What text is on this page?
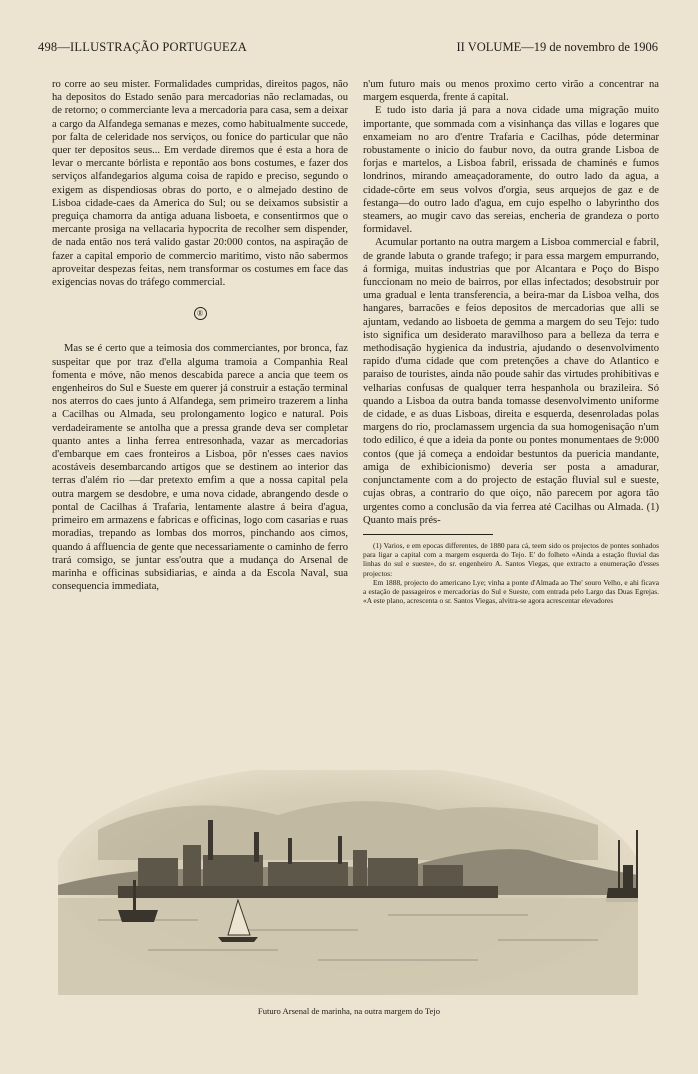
498—ILLUSTRAÇÃO PORTUGUEZA	II VOLUME—19 de novembro de 1906

ro corre ao seu mister. Formalidades cumpridas, direitos pagos, não ha depositos do Estado senão para mercadorias não reclamadas, ou de retorno; o commerciante leva a mercadoria para casa, sem a deixar a cargo da Alfandega semanas e mezes, como habitualmente succede, por falta de celeridade nos serviços, ou fonice do particular que não quer ter depositos seus... Em verdade diremos que é esta a hora de levar o mercante bórlista e repontão aos bons costumes, e fazer dos serviços alfandegarios alguma coisa de rapido e preciso, segundo o exigem as dispendiosas obras do porto, e o almejado destino de Lisboa cidade-caes da America do Sul; ou se deixamos subsistir a preguiça chamorra da antiga aduana lisboeta, e consentirmos que o mercante prosiga na vellacaria hypocrita de recolher sem dispender, de nada então nos terá valido gastar 20:000 contos, na aspiração de fazer a capital emporio de commercio maritimo, visto não sabermos aproveitar despezas feitas, nem transformar os costumes em face das exigencias novas do tráfego commercial.

®

Mas se é certo que a teimosia dos commerciantes, por bronca, faz suspeitar que por traz d'ella alguma tramoia a Companhia Real fomenta e móve, não menos descabida parece a ancia que teem os engenheiros do Sul e Sueste em querer já construir a estação terminal nos aterros do caes junto á Alfandega, sem primeiro trazerem a linha a Cacilhas ou Almada, seu prolongamento logico e natural. Pois verdadeiramente se antolha que a pressa grande deva ser completar quanto antes a linha ferrea entresonhada, vazar as mercadorias d'embarque em caes fronteiros a Lisboa, pôr n'esses caes navios acostáveis desembarcando artigos que se destinem ao interior das terras d'além rio —dar pretexto emfim a que a nossa capital pela outra margem se desdobre, e uma nova cidade, abrangendo desde o pontal de Cacilhas á Trafaria, lentamente alastre á beira d'agua, primeiro em armazens e fabricas e officinas, logo com casarias e ruas moradias, trepando as lombas dos morros, pinchando aos cimos, quando á affluencia de gente que necessariamente o caminho de ferro trará comsigo, se juntar ess'outra que a mudança do Arsenal de marinha e officinas subsidiarias, e ainda a da Escola Naval, sua consequencia immediata,

n'um futuro mais ou menos proximo certo virão a concentrar na margem esquerda, frente á capital.

E tudo isto daria já para a nova cidade uma migração muito importante, que sommada com a visinhança das villas e logares que enxameiam no aro d'entre Trafaria e Cacilhas, póde determinar robustamente o inicio do faubur novo, da outra grande Lisboa de forjas e martelos, a Lisboa fabril, erissada de chaminés e fumos londrinos, mirando ameaçadoramente, do outro lado da agua, a cidade-côrte em seus volvos d'orgia, seus arquejos de gaz e de festanga—do outro lado d'agua, em cujo espelho o labyrintho dos steamers, ao mugir cavo das sereias, encheria de grandeza o porto formidavel.

Acumular portanto na outra margem a Lisboa commercial e fabril, de grande labuta o grande trafego; ir para essa margem empurrando, á formiga, muitas industrias que por Alcantara e Poço do Bispo funccionam no meio de bairros, por ellas infectados; desobstruir por uma gradual e lenta transferencia, a beira-mar da Lisboa velha, dos hangares, barracões e feios depositos de mercadorias que alli se ajuntam, vedando ao lisboeta de gemma a margem do seu Tejo: tudo isto significa um desiderato maravilhoso para a belleza da terra e methodisação hygienica da industria, ajudando o desenvolvimento rapido d'uma cidade que com pretenções a chave do Atlantico e paraiso de touristes, ainda não poude sahir das virtudes prohibitivas e velharias confusas de qualquer terra hespanhola ou brazileira. Só quando a Lisboa da outra banda tomasse desenvolvimento uniforme de cidade, e as duas Lisboas, direita e esquerda, desenroladas polas margens do rio, proclamassem urgencia da sua homogenisação n'um todo edilico, é que a ideia da ponte ou pontes monumentaes de 9:000 contos (que já começa a endoidar bestuntos da puericia mandante, amiga de exhibicionismo) deveria ser posta a amadurar, conjunctamente com a do projecto de estação fluvial sul e sueste, cujas obras, a contrario do que oiço, não parecem por agora tão urgentes como a conclusão da via ferrea até Cacilhas ou Almada. (1) Quanto mais prés-

(1) Varios, e em epocas differentes, de 1880 para cá, teem sido os projectos de pontes sonhados para ligar a capital com a margem esquerda do Tejo. E' do folheto «Ainda a estação fluvial das linhas do sul e sueste», do sr. engenheiro A. Santos Viegas, que extracto a enumeração d'esses projectos:

Em 1888, projecto do americano Lye; vinha a ponte d'Almada ao The' souro Velho, e ahi ficava a estação de passageiros e mercadorias do Sul e Sueste, com entrada pelo Largo das Duas Egrejas. «A este plano, acrescenta o sr. Santos Viegas, alvitra-se agora acrescentar elevadores

Futuro Arsenal de marinha, na outra margem do Tejo
